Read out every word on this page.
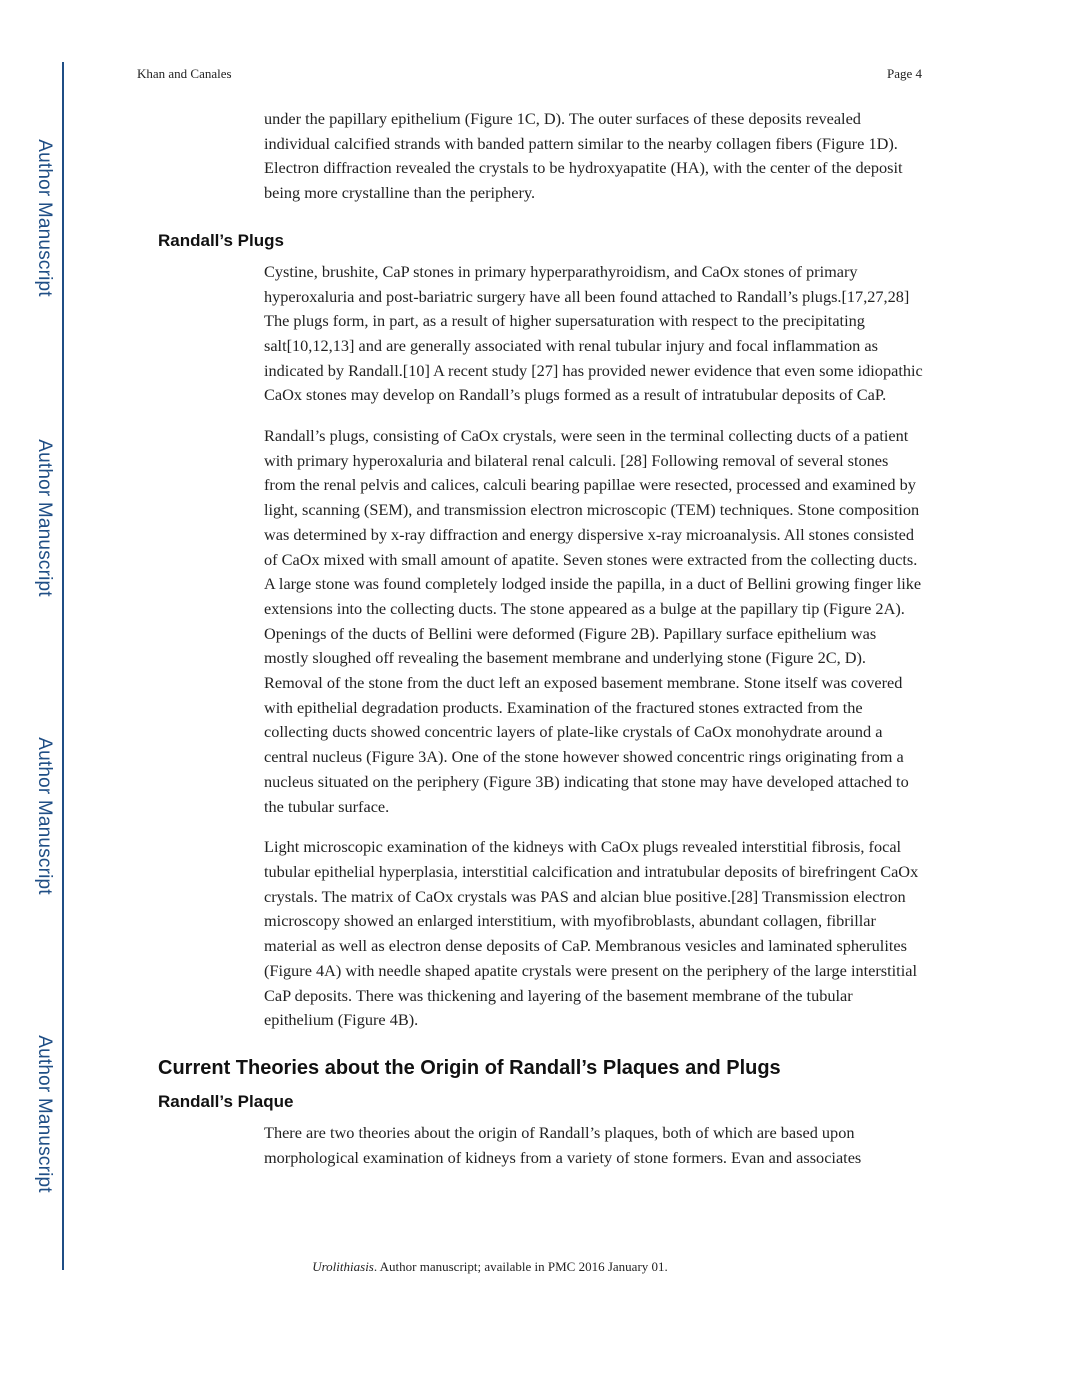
Author Manuscript
Author Manuscript
Author Manuscript
Author Manuscript
Khan and Canales	Page 4

under the papillary epithelium (Figure 1C, D). The outer surfaces of these deposits revealed individual calcified strands with banded pattern similar to the nearby collagen fibers (Figure 1D). Electron diffraction revealed the crystals to be hydroxyapatite (HA), with the center of the deposit being more crystalline than the periphery.

Randall’s Plugs

Cystine, brushite, CaP stones in primary hyperparathyroidism, and CaOx stones of primary hyperoxaluria and post-bariatric surgery have all been found attached to Randall’s plugs.[17,27,28] The plugs form, in part, as a result of higher supersaturation with respect to the precipitating salt[10,12,13] and are generally associated with renal tubular injury and focal inflammation as indicated by Randall.[10] A recent study [27] has provided newer evidence that even some idiopathic CaOx stones may develop on Randall’s plugs formed as a result of intratubular deposits of CaP.

Randall’s plugs, consisting of CaOx crystals, were seen in the terminal collecting ducts of a patient with primary hyperoxaluria and bilateral renal calculi. [28] Following removal of several stones from the renal pelvis and calices, calculi bearing papillae were resected, processed and examined by light, scanning (SEM), and transmission electron microscopic (TEM) techniques. Stone composition was determined by x-ray diffraction and energy dispersive x-ray microanalysis. All stones consisted of CaOx mixed with small amount of apatite. Seven stones were extracted from the collecting ducts. A large stone was found completely lodged inside the papilla, in a duct of Bellini growing finger like extensions into the collecting ducts. The stone appeared as a bulge at the papillary tip (Figure 2A). Openings of the ducts of Bellini were deformed (Figure 2B). Papillary surface epithelium was mostly sloughed off revealing the basement membrane and underlying stone (Figure 2C, D). Removal of the stone from the duct left an exposed basement membrane. Stone itself was covered with epithelial degradation products. Examination of the fractured stones extracted from the collecting ducts showed concentric layers of plate-like crystals of CaOx monohydrate around a central nucleus (Figure 3A). One of the stone however showed concentric rings originating from a nucleus situated on the periphery (Figure 3B) indicating that stone may have developed attached to the tubular surface.

Light microscopic examination of the kidneys with CaOx plugs revealed interstitial fibrosis, focal tubular epithelial hyperplasia, interstitial calcification and intratubular deposits of birefringent CaOx crystals. The matrix of CaOx crystals was PAS and alcian blue positive.[28] Transmission electron microscopy showed an enlarged interstitium, with myofibroblasts, abundant collagen, fibrillar material as well as electron dense deposits of CaP. Membranous vesicles and laminated spherulites (Figure 4A) with needle shaped apatite crystals were present on the periphery of the large interstitial CaP deposits. There was thickening and layering of the basement membrane of the tubular epithelium (Figure 4B).

Current Theories about the Origin of Randall’s Plaques and Plugs
Randall’s Plaque

There are two theories about the origin of Randall’s plaques, both of which are based upon morphological examination of kidneys from a variety of stone formers. Evan and associates

Urolithiasis. Author manuscript; available in PMC 2016 January 01.
